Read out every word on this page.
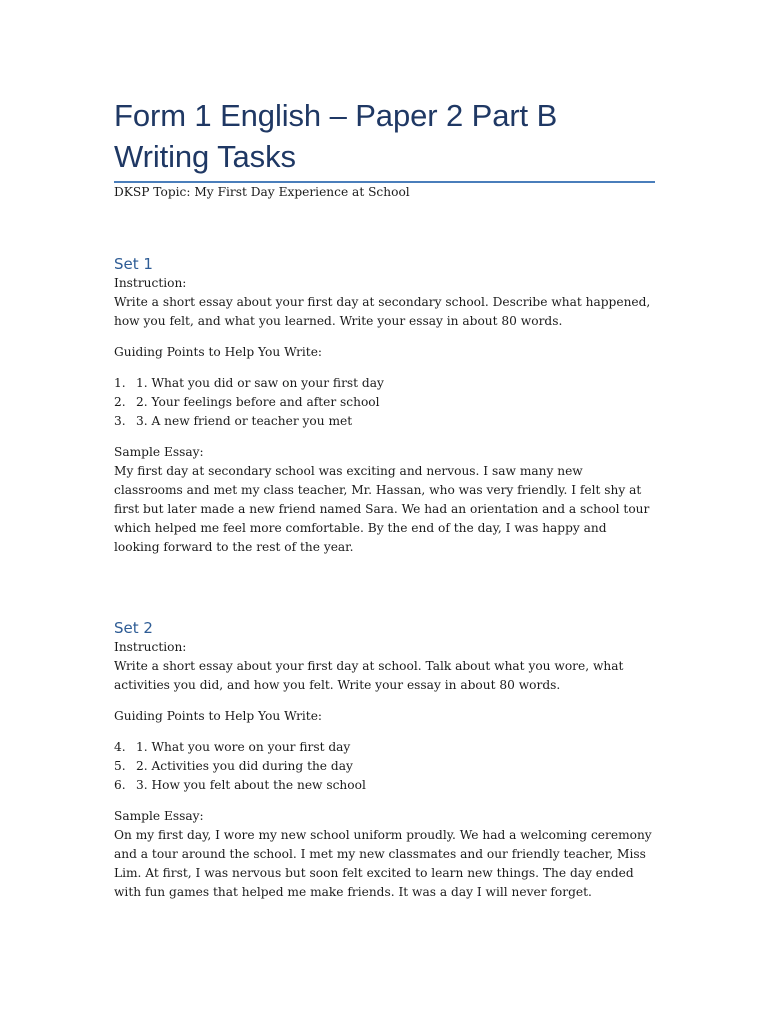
Form 1 English – Paper 2 Part B Writing Tasks

DKSP Topic: My First Day Experience at School

Set 1

Instruction:

Write a short essay about your first day at secondary school. Describe what happened, how you felt, and what you learned. Write your essay in about 80 words.

Guiding Points to Help You Write:

1. 1. What you did or saw on your first day
2. 2. Your feelings before and after school
3. 3. A new friend or teacher you met

Sample Essay:

My first day at secondary school was exciting and nervous. I saw many new classrooms and met my class teacher, Mr. Hassan, who was very friendly. I felt shy at first but later made a new friend named Sara. We had an orientation and a school tour which helped me feel more comfortable. By the end of the day, I was happy and looking forward to the rest of the year.

Set 2

Instruction:

Write a short essay about your first day at school. Talk about what you wore, what activities you did, and how you felt. Write your essay in about 80 words.

Guiding Points to Help You Write:

4. 1. What you wore on your first day
5. 2. Activities you did during the day
6. 3. How you felt about the new school

Sample Essay:

On my first day, I wore my new school uniform proudly. We had a welcoming ceremony and a tour around the school. I met my new classmates and our friendly teacher, Miss Lim. At first, I was nervous but soon felt excited to learn new things. The day ended with fun games that helped me make friends. It was a day I will never forget.
